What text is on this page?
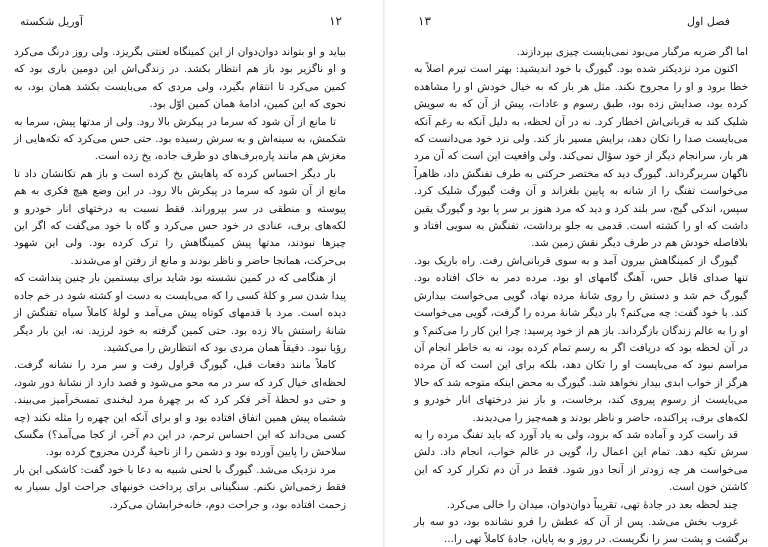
۱۲
آوریل شکسته

بیاید و او بتواند دوان‌دوان از این کمینگاه لعنتی بگریزد. ولی روز درنگ می‌کرد و او ناگزیر بود باز هم انتظار بکشد. در زندگی‌اش این دومین باری بود که کمین می‌کرد تا انتقام بگیرد، ولی مردی که می‌بایست بکشد همان بود، به نحوی که این کمین، ادامهٔ همان کمین اوّل بود.

تا مانع از آن شود که سرما در پیکرش بالا رود. ولی از مدتها پیش، سرما به شکمش، به سینه‌اش و به سرش رسیده بود. حتی حس می‌کرد که تکه‌هایی از مغزش هم مانند پاره‌برف‌های دو طرف جاده، یخ زده است.

بار دیگر احساس کرده که پاهایش یخ کرده است و باز هم تکانشان داد تا مانع از آن شود که سرما در پیکرش بالا رود. در این وضع هیچ فکری به هم پیوسته و منطقی در سر بپروراند. فقط نسبت به درختهای انار خودرو و لکه‌های برف، عنادی در خود حس می‌کرد و گاه با خود می‌گفت که اگر این چیزها نبودند، مدتها پیش کمینگاهش را ترک کرده بود. ولی این شهود بی‌حرکت، همانجا حاضر و ناظر بودند و مانع از رفتن او می‌شدند.

از هنگامی که در کمین نشسته بود شاید برای بیستمین بار چنین پنداشت که پیدا شدن سر و کلهٔ کسی را که می‌بایست به دست او کشته شود در خم جاده دیده است. مرد با قدمهای کوتاه پیش می‌آمد و لولهٔ کاملاً سیاه تفنگش از شانهٔ راستش بالا زده بود. حتی کمین گرفته به خود لرزید. نه، این بار دیگر رؤیا نبود. دقیقاً همان مردی بود که انتظارش را می‌کشید.

کاملاً مانند دفعات قبل، گیورگ قراول رفت و سر مرد را نشانه گرفت. لحظه‌ای خیال کرد که سر در مه محو می‌شود و قصد دارد از نشانهٔ دور شود، و حتی دو لحظهٔ آخر فکر کرد که بر چهرهٔ مرد لبخندی تمسخرآمیز می‌بیند. ششماه پیش همین اتفاق افتاده بود و او برای آنکه این چهره را مثله نکند (چه کسی می‌داند که این احساس ترحم، در این دم آخر، از کجا می‌آمد؟) مگسک سلاحش را پایین آورده بود و دشمن را از ناحیهٔ گردن مجروح کرده بود.

مرد نزدیک می‌شد. گیورگ با لحنی شبیه به دعا با خود گفت: کاشکی این بار فقط زخمی‌اش نکنم. سنگینانی برای پرداخت خونبهای جراحت اول بسیار به زحمت افتاده بود، و جراحت دوم، خانه‌خرابشان می‌کرد.

فصل اول
۱۳

اما اگر ضربه مرگبار می‌بود نمی‌بایست چیزی بپردازند.

اکنون مرد نزدیکتر شده بود. گیورگ با خود اندیشید: بهتر است تیرم اصلاً به خطا برود و او را مجروح نکند. مثل هر بار که به خیال خودش او را مشاهده کرده بود، صدایش زده بود، طبق رسوم و عادات، پیش از آن که به سویش شلیک کند به قربانی‌اش اخطار کرد. نه در آن لحظه، به دلیل آنکه به رغم آنکه می‌بایست صدا را تکان دهد، برایش مسیر باز کند. ولی نزد خود می‌دانست که هر بار، سرانجام دیگر از خود سؤال نمی‌کند. ولی واقعیت این است که آن مرد ناگهان سربرگرداند. گیورگ دید که مختصر حرکتی به طرف تفنگش داد، ظاهراً می‌خواست تفنگ را از شانه به پایین بلغزاند و آن وقت گیورگ شلیک کرد. سپس، اندکی گیج، سر بلند کرد و دید که مرد هنوز بر سر پا بود و گیورگ یقین داشت که او را کشته است. قدمی به جلو برداشت، تفنگش به سویی افتاد و بلافاصله خودش هم در طرف دیگر نقش زمین شد.

گیورگ از کمینگاهش بیرون آمد و به سوی قربانی‌اش رفت. راه باریک بود. تنها صدای قابل حس، آهنگ گامهای او بود. مرده دمر به خاک افتاده بود. گیورگ خم شد و دستش را روی شانهٔ مرده نهاد، گویی می‌خواست بیدارش کند. با خود گفت: چه می‌کنم؟ بار دیگر شانهٔ مرده را گرفت، گویی می‌خواست او را به عالم زندگان بازگرداند. باز هم از خود پرسید: چرا این کار را می‌کنم؟ و در آن لحظه بود که دریافت اگر به رسم تمام کرده بود، نه به خاطر انجام آن مراسم نبود که می‌بایست او را تکان دهد، بلکه برای این است که آن مرده هرگز از خواب ابدی بیدار نخواهد شد. گیورگ به محض اینکه متوجه شد که حالا می‌بایست از رسوم پیروی کند، برخاست، و باز نیز درختهای انار خودرو و لکه‌های برف، پراکنده، حاضر و ناظر بودند و همه‌چیز را می‌دیدند.

قد راست کرد و آماده شد که برود، ولی به یاد آورد که باید تفنگ مرده را به سرش تکیه دهد. تمام این اعمال را، گویی در عالم خواب، انجام داد. دلش می‌خواست هر چه زودتر از آنجا دور شود. فقط در آن دم تکرار کرد که این کاشتن خون است.

چند لحظه بعد در جادهٔ تهی، تقریباً دوان‌دوان، میدان را خالی می‌کرد.

غروب بخش می‌شد. پس از آن که عطش را فرو نشانده بود، دو سه بار برگشت و پشت سر را نگریست. در روز و به پایان، جادهٔ کاملاً تهی را...
